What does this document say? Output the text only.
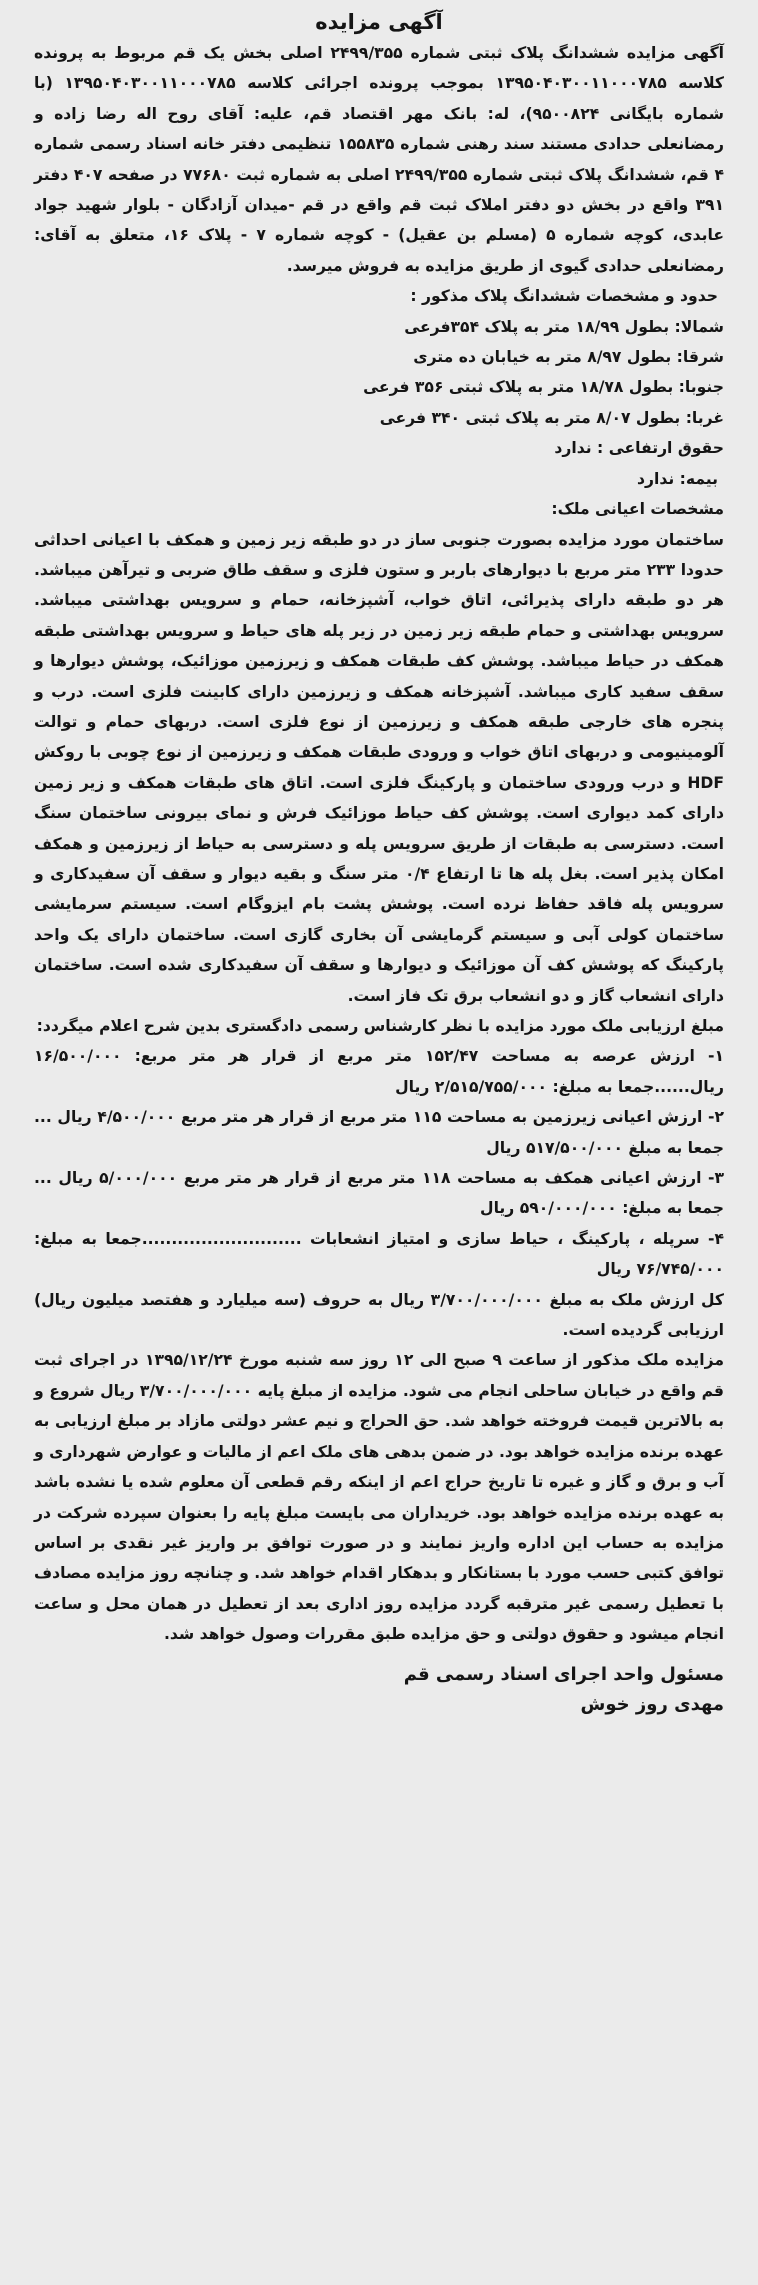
آگهی مزایده

آگهی مزایده ششدانگ پلاک ثبتی شماره ۲۴۹۹/۳۵۵ اصلی بخش یک قم مربوط به پرونده کلاسه ۱۳۹۵۰۴۰۳۰۰۱۱۰۰۰۷۸۵ بموجب پرونده اجرائی کلاسه ۱۳۹۵۰۴۰۳۰۰۱۱۰۰۰۷۸۵ (با شماره بایگانی ۹۵۰۰۸۲۴)، له: بانک مهر اقتصاد قم، علیه: آقای روح اله رضا زاده و رمضانعلی حدادی مستند سند رهنی شماره ۱۵۵۸۳۵ تنظیمی دفتر خانه اسناد رسمی شماره ۴ قم، ششدانگ پلاک ثبتی شماره ۲۴۹۹/۳۵۵ اصلی به شماره ثبت ۷۷۶۸۰ در صفحه ۴۰۷ دفتر ۳۹۱ واقع در بخش دو دفتر املاک ثبت قم واقع در قم -میدان آزادگان - بلوار شهید جواد عابدی، کوچه شماره ۵ (مسلم بن عقیل) - کوچه شماره ۷ - پلاک ۱۶، متعلق به آقای: رمضانعلی حدادی گیوی از طریق مزایده به فروش میرسد.

حدود و مشخصات ششدانگ پلاک مذکور :

شمالا: بطول ۱۸/۹۹ متر به پلاک ۳۵۴فرعی

شرقا: بطول ۸/۹۷ متر به خیابان ده متری

جنوبا: بطول ۱۸/۷۸ متر به پلاک ثبتی ۳۵۶ فرعی

غربا: بطول ۸/۰۷ متر به پلاک ثبتی ۳۴۰ فرعی

حقوق ارتفاعی : ندارد

بیمه: ندارد

مشخصات اعیانی ملک:

ساختمان مورد مزایده بصورت جنوبی ساز در دو طبقه زیر زمین و همکف با اعیانی احداثی حدودا ۲۳۳ متر مربع با دیوارهای باربر و ستون فلزی و سقف طاق ضربی و تیرآهن میباشد. هر دو طبقه دارای پذیرائی، اتاق خواب، آشپزخانه، حمام و سرویس بهداشتی میباشد. سرویس بهداشتی و حمام طبقه زیر زمین در زیر پله های حیاط و سرویس بهداشتی طبقه همکف در حیاط میباشد. پوشش کف طبقات همکف و زیرزمین موزائیک، پوشش دیوارها و سقف سفید کاری میباشد. آشپزخانه همکف و زیرزمین دارای کابینت فلزی است. درب و پنجره های خارجی طبقه همکف و زیرزمین از نوع فلزی است. دربهای حمام و توالت آلومینیومی و دربهای اتاق خواب و ورودی طبقات همکف و زیرزمین از نوع چوبی با روکش HDF و درب ورودی ساختمان و پارکینگ فلزی است. اتاق های طبقات همکف و زیر زمین دارای کمد دیواری است. پوشش کف حیاط موزائیک فرش و نمای بیرونی ساختمان سنگ است. دسترسی به طبقات از طریق سرویس پله و دسترسی به حیاط از زیرزمین و همکف امکان پذیر است. بغل پله ها تا ارتفاع ۰/۴ متر سنگ و بقیه دیوار و سقف آن سفیدکاری و سرویس پله فاقد حفاظ نرده است. پوشش پشت بام ایزوگام است. سیستم سرمایشی ساختمان کولی آبی و سیستم گرمایشی آن بخاری گازی است. ساختمان دارای یک واحد پارکینگ که پوشش کف آن موزائیک و دیوارها و سقف آن سفیدکاری شده است. ساختمان دارای انشعاب گاز و دو انشعاب برق تک فاز است.

مبلغ ارزیابی ملک مورد مزایده با نظر کارشناس رسمی دادگستری بدین شرح اعلام میگردد:

۱- ارزش عرصه به مساحت ۱۵۲/۴۷ متر مربع از قرار هر متر مربع: ۱۶/۵۰۰/۰۰۰ ریال......جمعا به مبلغ: ۲/۵۱۵/۷۵۵/۰۰۰ ریال

۲- ارزش اعیانی زیرزمین به مساحت ۱۱۵ متر مربع از قرار هر متر مربع ۴/۵۰۰/۰۰۰ ریال ... جمعا به مبلغ ۵۱۷/۵۰۰/۰۰۰ ریال

۳- ارزش اعیانی همکف به مساحت ۱۱۸ متر مربع از قرار هر متر مربع ۵/۰۰۰/۰۰۰ ریال ... جمعا به مبلغ: ۵۹۰/۰۰۰/۰۰۰ ریال

۴- سرپله ، پارکینگ ، حیاط سازی و امتیاز انشعابات ...........................جمعا به مبلغ: ۷۶/۷۴۵/۰۰۰ ریال

کل ارزش ملک به مبلغ ۳/۷۰۰/۰۰۰/۰۰۰ ریال به حروف (سه میلیارد و هفتصد میلیون ریال) ارزیابی گردیده است.

مزایده ملک مذکور از ساعت ۹ صبح الی ۱۲ روز سه شنبه مورخ ۱۳۹۵/۱۲/۲۴ در اجرای ثبت قم واقع در خیابان ساحلی انجام می شود. مزایده از مبلغ پایه ۳/۷۰۰/۰۰۰/۰۰۰ ریال شروع و به بالاترین قیمت فروخته خواهد شد. حق الحراج و نیم عشر دولتی مازاد بر مبلغ ارزیابی به عهده برنده مزایده خواهد بود. در ضمن بدهی های ملک اعم از مالیات و عوارض شهرداری و آب و برق و گاز و غیره تا تاریخ حراج اعم از اینکه رقم قطعی آن معلوم شده یا نشده باشد به عهده برنده مزایده خواهد بود. خریداران می بایست مبلغ پایه را بعنوان سپرده شرکت در مزایده به حساب این اداره واریز نمایند و در صورت توافق بر واریز غیر نقدی بر اساس توافق کتبی حسب مورد با بستانکار و بدهکار اقدام خواهد شد. و چنانچه روز مزایده مصادف با تعطیل رسمی غیر مترقبه گردد مزایده روز اداری بعد از تعطیل در همان محل و ساعت انجام میشود و حقوق دولتی و حق مزایده طبق مقررات وصول خواهد شد.

مسئول واحد اجرای اسناد رسمی قم
مهدی روز خوش
